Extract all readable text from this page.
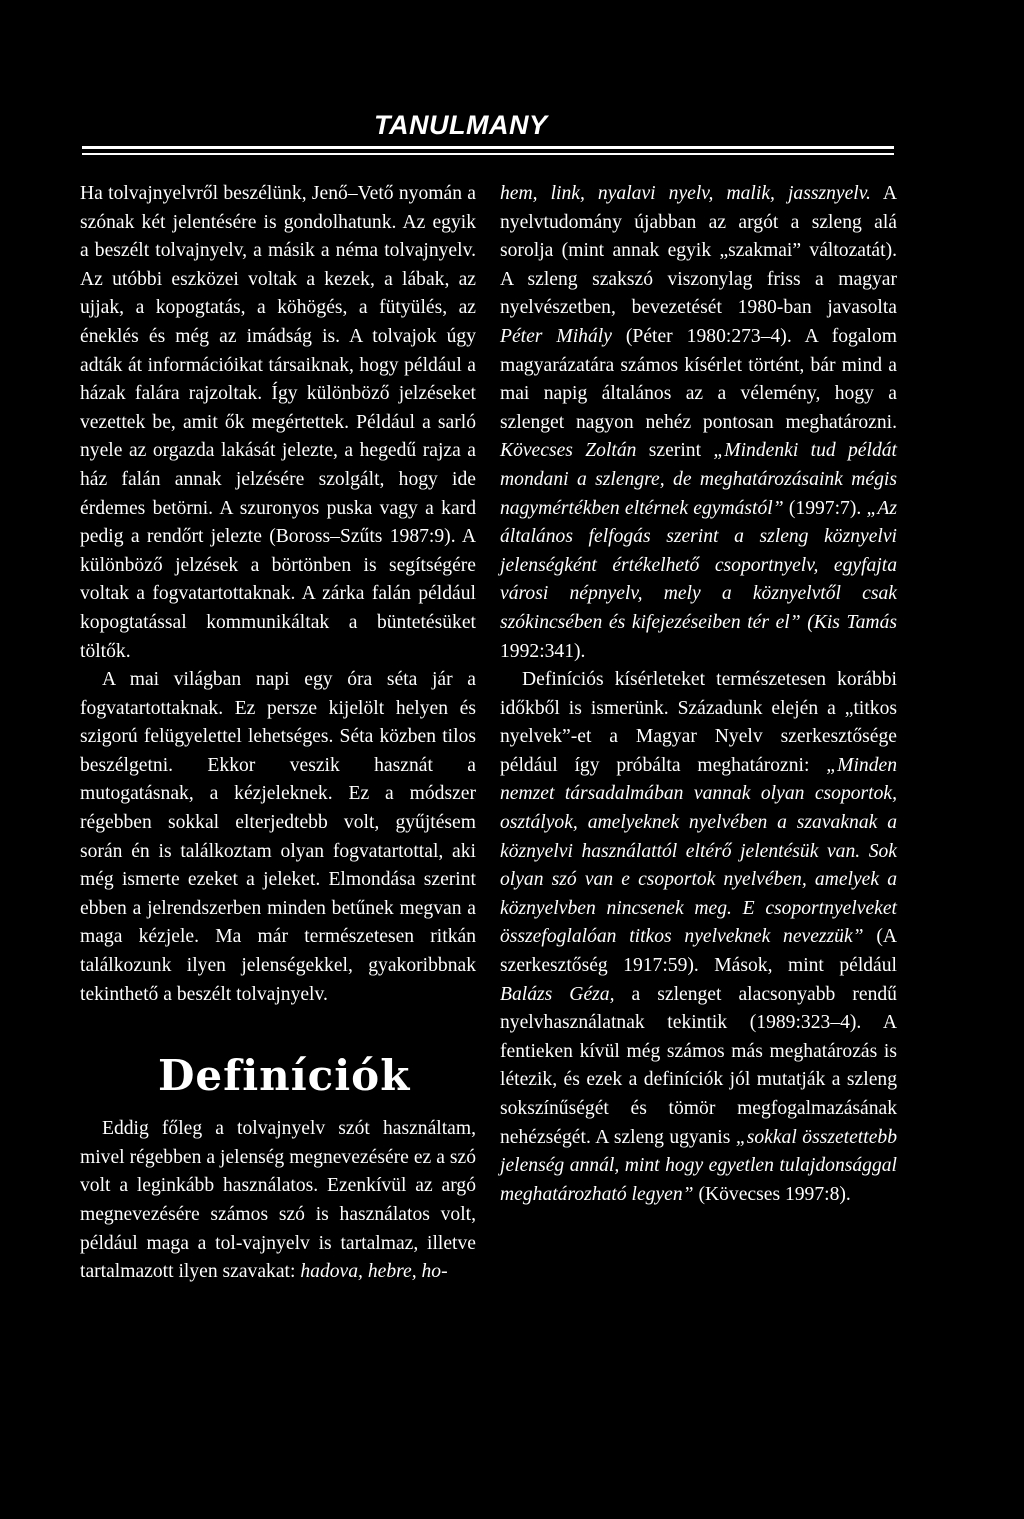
TANULMANY

Ha tolvajnyelvről beszélünk, Jenő–Vető nyomán a szónak két jelentésére is gondolhatunk. Az egyik a beszélt tolvajnyelv, a másik a néma tolvajnyelv. Az utóbbi eszközei voltak a kezek, a lábak, az ujjak, a kopogtatás, a köhögés, a fütyülés, az éneklés és még az imádság is. A tolvajok úgy adták át információikat társaiknak, hogy például a házak falára rajzoltak. Így különböző jelzéseket vezettek be, amit ők megértettek. Például a sarló nyele az orgazda lakását jelezte, a hegedű rajza a ház falán annak jelzésére szolgált, hogy ide érdemes betörni. A szuronyos puska vagy a kard pedig a rendőrt jelezte (Boross–Szűts 1987:9). A különböző jelzések a börtönben is segítségére voltak a fogvatartottaknak. A zárka falán például kopogtatással kommunikáltak a büntetésüket töltők.

A mai világban napi egy óra séta jár a fogvatartottaknak. Ez persze kijelölt helyen és szigorú felügyelettel lehetséges. Séta közben tilos beszélgetni. Ekkor veszik hasznát a mutogatásnak, a kézjeleknek. Ez a módszer régebben sokkal elterjedtebb volt, gyűjtésem során én is találkoztam olyan fogvatartottal, aki még ismerte ezeket a jeleket. Elmondása szerint ebben a jelrendszerben minden betűnek megvan a maga kézjele. Ma már természetesen ritkán találkozunk ilyen jelenségekkel, gyakoribbnak tekinthető a beszélt tolvajnyelv.

Definíciók

Eddig főleg a tolvajnyelv szót használtam, mivel régebben a jelenség megnevezésére ez a szó volt a leginkább használatos. Ezenkívül az argó megnevezésére számos szó is használatos volt, például maga a tol-vajnyelv is tartalmaz, illetve tartalmazott ilyen szavakat: hadova, hebre, ho-

hem, link, nyalavi nyelv, malik, jassznyelv. A nyelvtudomány újabban az argót a szleng alá sorolja (mint annak egyik „szakmai” változatát). A szleng szakszó viszonylag friss a magyar nyelvészetben, bevezetését 1980-ban javasolta Péter Mihály (Péter 1980:273–4). A fogalom magyarázatára számos kísérlet történt, bár mind a mai napig általános az a vélemény, hogy a szlenget nagyon nehéz pontosan meghatározni. Kövecses Zoltán szerint „Mindenki tud példát mondani a szlengre, de meghatározásaink mégis nagymértékben eltérnek egymástól” (1997:7). „Az általános felfogás szerint a szleng köznyelvi jelenségként értékelhető csoportnyelv, egyfajta városi népnyelv, mely a köznyelvtől csak szókincsében és kifejezéseiben tér el” (Kis Tamás 1992:341).

Definíciós kísérleteket természetesen korábbi időkből is ismerünk. Századunk elején a „titkos nyelvek”-et a Magyar Nyelv szerkesztősége például így próbálta meghatározni: „Minden nemzet társadalmában vannak olyan csoportok, osztályok, amelyeknek nyelvében a szavaknak a köznyelvi használattól eltérő jelentésük van. Sok olyan szó van e csoportok nyelvében, amelyek a köznyelvben nincsenek meg. E csoportnyelveket összefoglalóan titkos nyelveknek nevezzük” (A szerkesztőség 1917:59). Mások, mint például Balázs Géza, a szlenget alacsonyabb rendű nyelvhasználatnak tekintik (1989:323–4). A fentieken kívül még számos más meghatározás is létezik, és ezek a definíciók jól mutatják a szleng sokszínűségét és tömör megfogalmazásának nehézségét. A szleng ugyanis „sokkal összetettebb jelenség annál, mint hogy egyetlen tulajdonsággal meghatározható legyen” (Kövecses 1997:8).
